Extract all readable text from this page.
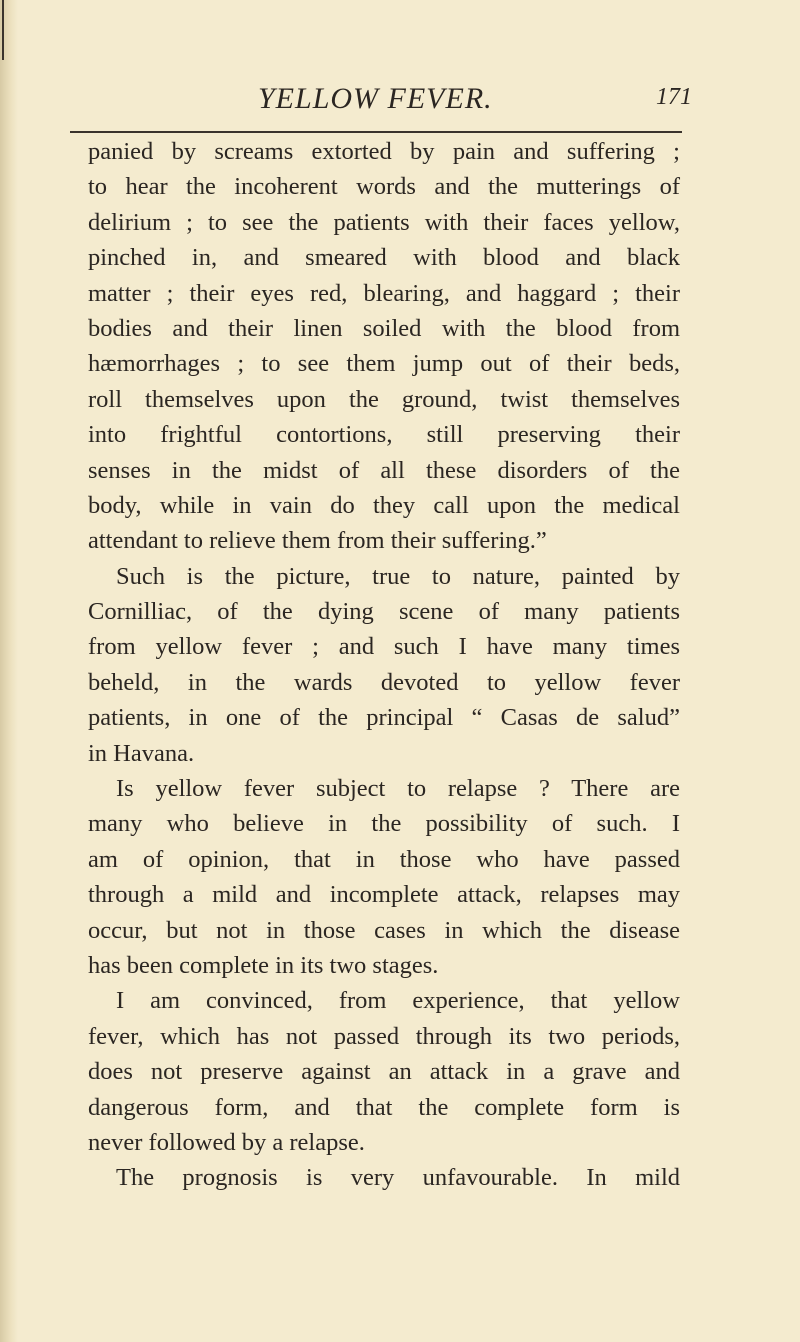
YELLOW FEVER.	171
panied by screams extorted by pain and suffering ;
to hear the incoherent words and the mutterings of
delirium ; to see the patients with their faces yellow,
pinched in, and smeared with blood and black
matter ; their eyes red, blearing, and haggard ; their
bodies and their linen soiled with the blood from
hæmorrhages ; to see them jump out of their beds,
roll themselves upon the ground, twist themselves
into frightful contortions, still preserving their
senses in the midst of all these disorders of the
body, while in vain do they call upon the medical
attendant to relieve them from their suffering.”
Such is the picture, true to nature, painted by
Cornilliac, of the dying scene of many patients
from yellow fever ; and such I have many times
beheld, in the wards devoted to yellow fever
patients, in one of the principal “ Casas de salud”
in Havana.
Is yellow fever subject to relapse ? There are
many who believe in the possibility of such. I
am of opinion, that in those who have passed
through a mild and incomplete attack, relapses may
occur, but not in those cases in which the disease
has been complete in its two stages.
I am convinced, from experience, that yellow
fever, which has not passed through its two periods,
does not preserve against an attack in a grave and
dangerous form, and that the complete form is
never followed by a relapse.
The prognosis is very unfavourable. In mild
